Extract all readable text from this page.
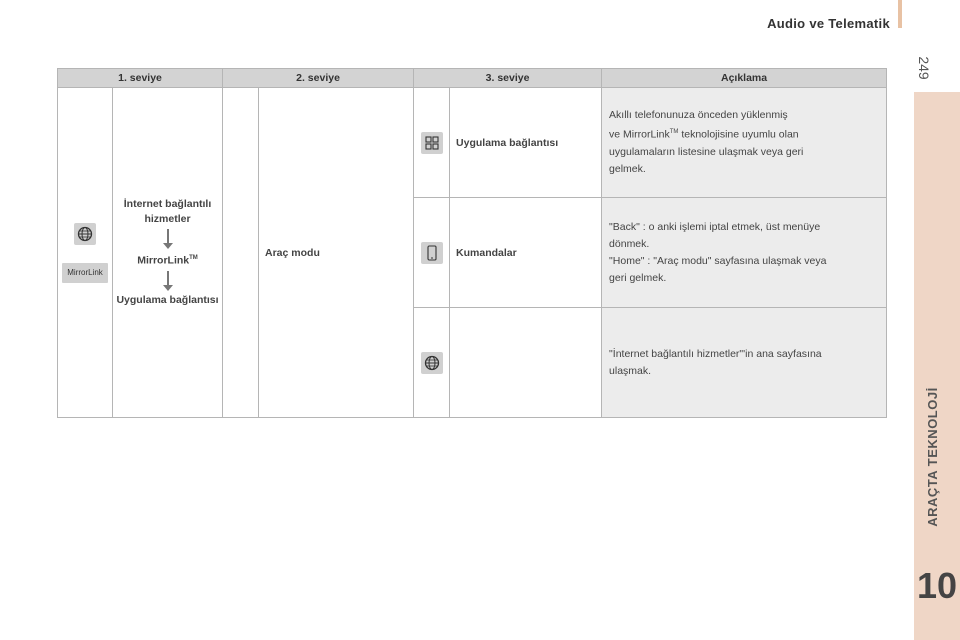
Audio ve Telematik
249
ARAÇTA TEKNOLOJİ
10
1. seviye		2. seviye		3. seviye		Açıklama

MirrorLink	İnternet bağlantılı hizmetler
MirrorLink™
Uygulama bağlantısı		Araç modu		Uygulama bağlantısı	Akıllı telefonunuza önceden yüklenmiş
ve MirrorLink™ teknolojisine uyumlu olan
uygulamaların listesine ulaşmak veya geri
gelmek.

	Kumandalar	"Back" : o anki işlemi iptal etmek, üst menüye
dönmek.
"Home" : "Araç modu" sayfasına ulaşmak veya
geri gelmek.

"İnternet bağlantılı hizmetler"'in ana sayfasına
ulaşmak.
